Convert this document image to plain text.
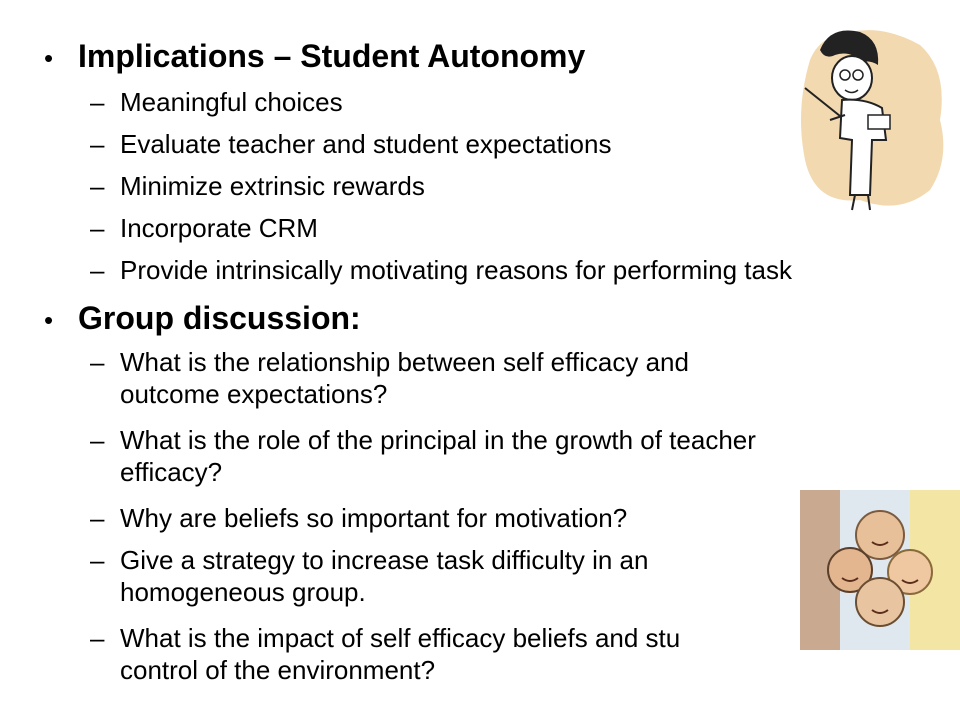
• Implications – Student Autonomy
– Meaningful choices
– Evaluate teacher and student expectations
– Minimize extrinsic rewards
– Incorporate CRM
– Provide intrinsically motivating reasons for performing task
• Group discussion:
– What is the relationship between self efficacy and
outcome expectations?
– What is the role of the principal in the growth of teacher
efficacy?
– Why are beliefs so important for motivation?
– Give a strategy to increase task difficulty in an
homogeneous group.
– What is the impact of self efficacy beliefs and stu
control of the environment?
